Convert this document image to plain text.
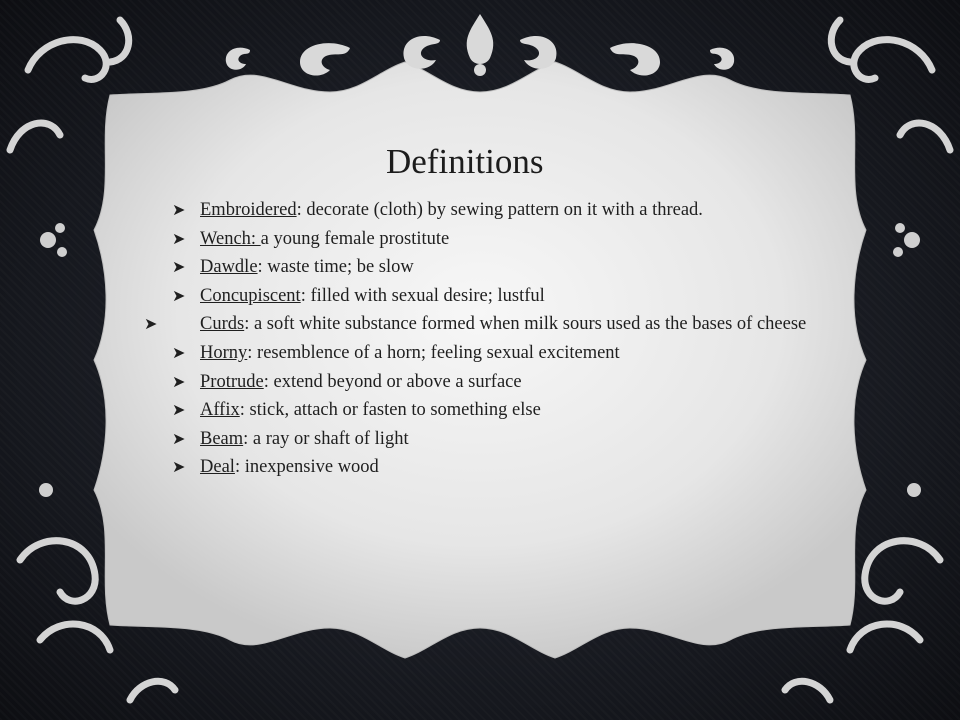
Definitions
➤ Embroidered: decorate (cloth) by sewing pattern on it with a thread.
➤ Wench: a young female prostitute
➤ Dawdle: waste time; be slow
➤ Concupiscent: filled with sexual desire; lustful
➤	Curds: a soft white substance formed when milk sours used as the bases of cheese
➤ Horny: resemblence of a horn; feeling sexual excitement
➤ Protrude: extend beyond or above a surface
➤ Affix: stick, attach or fasten to something else
➤ Beam: a ray or shaft of light
➤ Deal: inexpensive wood
